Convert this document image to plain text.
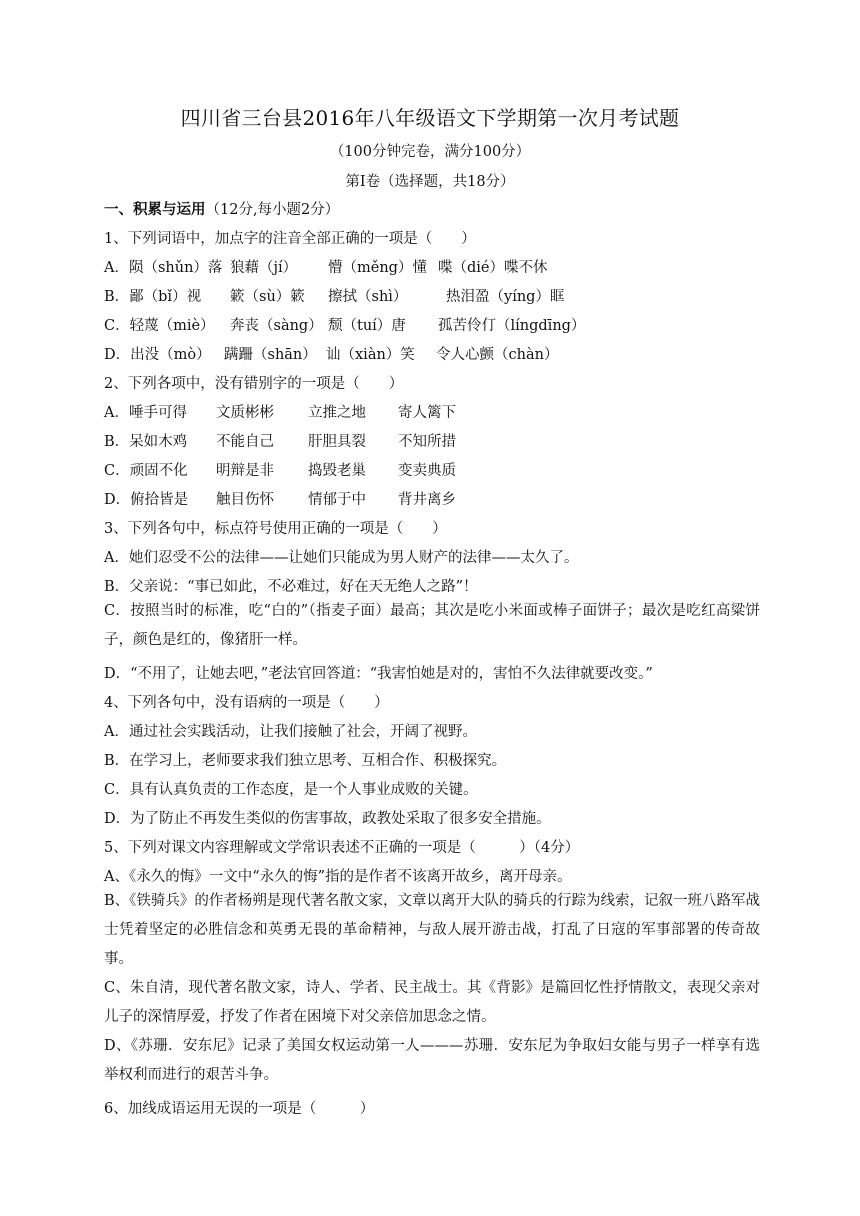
四川省三台县2016年八年级语文下学期第一次月考试题
（100分钟完卷，满分100分）
第Ⅰ卷（选择题，共18分）
一、积累与运用（12分,每小题2分）
1、下列词语中，加点字的注音全部正确的一项是（　　）
A．陨（shǔn）落 狼藉（jí） 懵（měng）懂 喋（dié）喋不休
B．鄙（bǐ）视 簌（sù）簌 擦拭（shì）	热泪盈（yíng）眶
C．轻蔑（miè） 奔丧（sàng） 颓（tuí）唐 孤苦伶仃（língdīng）
D．出没（mò） 蹒跚（shān） 讪（xiàn）笑 令人心颤（chàn）
2、下列各项中，没有错别字的一项是（　　）
A．唾手可得 文质彬彬 立推之地 寄人篱下
B．呆如木鸡 不能自己 肝胆具裂 不知所措
C．顽固不化 明辩是非 捣毁老巢 变卖典质
D．俯拾皆是 触目伤怀 情郁于中 背井离乡
3、下列各句中，标点符号使用正确的一项是（　　）
A．她们忍受不公的法律——让她们只能成为男人财产的法律——太久了。
B．父亲说：“事已如此，不必难过，好在天无绝人之路”！
C．按照当时的标准，吃“白的”（指麦子面）最高；其次是吃小米面或棒子面饼子；最次是吃红高粱饼子，颜色是红的，像猪肝一样。
D．“不用了，让她去吧，”老法官回答道：“我害怕她是对的，害怕不久法律就要改变。”
4、下列各句中，没有语病的一项是（　　）
A．通过社会实践活动，让我们接触了社会，开阔了视野。
B．在学习上，老师要求我们独立思考、互相合作、积极探究。
C．具有认真负责的工作态度，是一个人事业成败的关键。
D．为了防止不再发生类似的伤害事故，政教处采取了很多安全措施。
5、下列对课文内容理解或文学常识表述不正确的一项是（　　　）（4分）
A、《永久的悔》一文中“永久的悔”指的是作者不该离开故乡，离开母亲。
B、《铁骑兵》的作者杨朔是现代著名散文家，文章以离开大队的骑兵的行踪为线索，记叙一班八路军战士凭着坚定的必胜信念和英勇无畏的革命精神，与敌人展开游击战，打乱了日寇的军事部署的传奇故事。
C、朱自清，现代著名散文家，诗人、学者、民主战士。其《背影》是篇回忆性抒情散文，表现父亲对儿子的深情厚爱，抒发了作者在困境下对父亲倍加思念之情。
D、《苏珊．安东尼》记录了美国女权运动第一人———苏珊．安东尼为争取妇女能与男子一样享有选举权利而进行的艰苦斗争。
6、加线成语运用无误的一项是（　　　）
